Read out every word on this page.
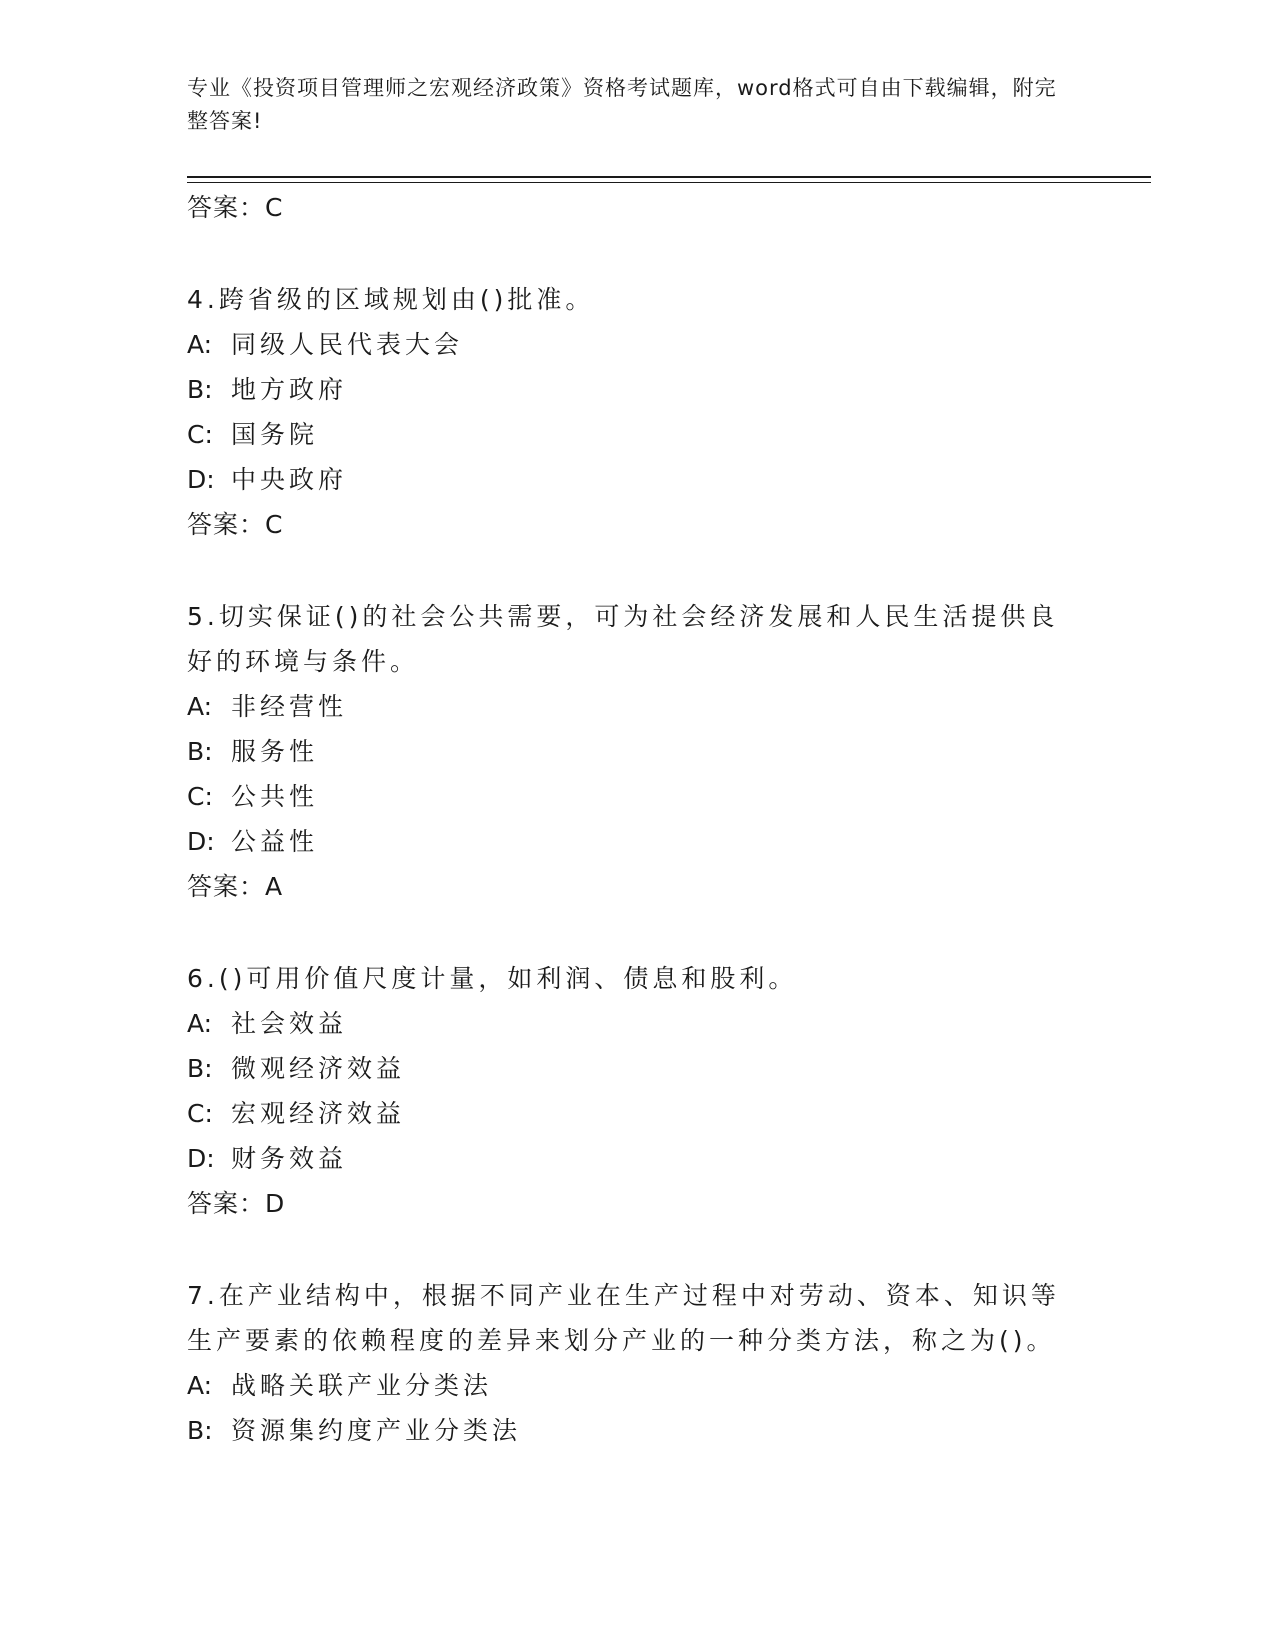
专业《投资项目管理师之宏观经济政策》资格考试题库，word格式可自由下载编辑，附完整答案!
答案：C
4.跨省级的区域规划由()批准。
A: 同级人民代表大会
B: 地方政府
C: 国务院
D: 中央政府
答案：C
5.切实保证()的社会公共需要，可为社会经济发展和人民生活提供良
好的环境与条件。
A: 非经营性
B: 服务性
C: 公共性
D: 公益性
答案：A
6.()可用价值尺度计量，如利润、债息和股利。
A: 社会效益
B: 微观经济效益
C: 宏观经济效益
D: 财务效益
答案：D
7.在产业结构中，根据不同产业在生产过程中对劳动、资本、知识等
生产要素的依赖程度的差异来划分产业的一种分类方法，称之为()。
A: 战略关联产业分类法
B: 资源集约度产业分类法
